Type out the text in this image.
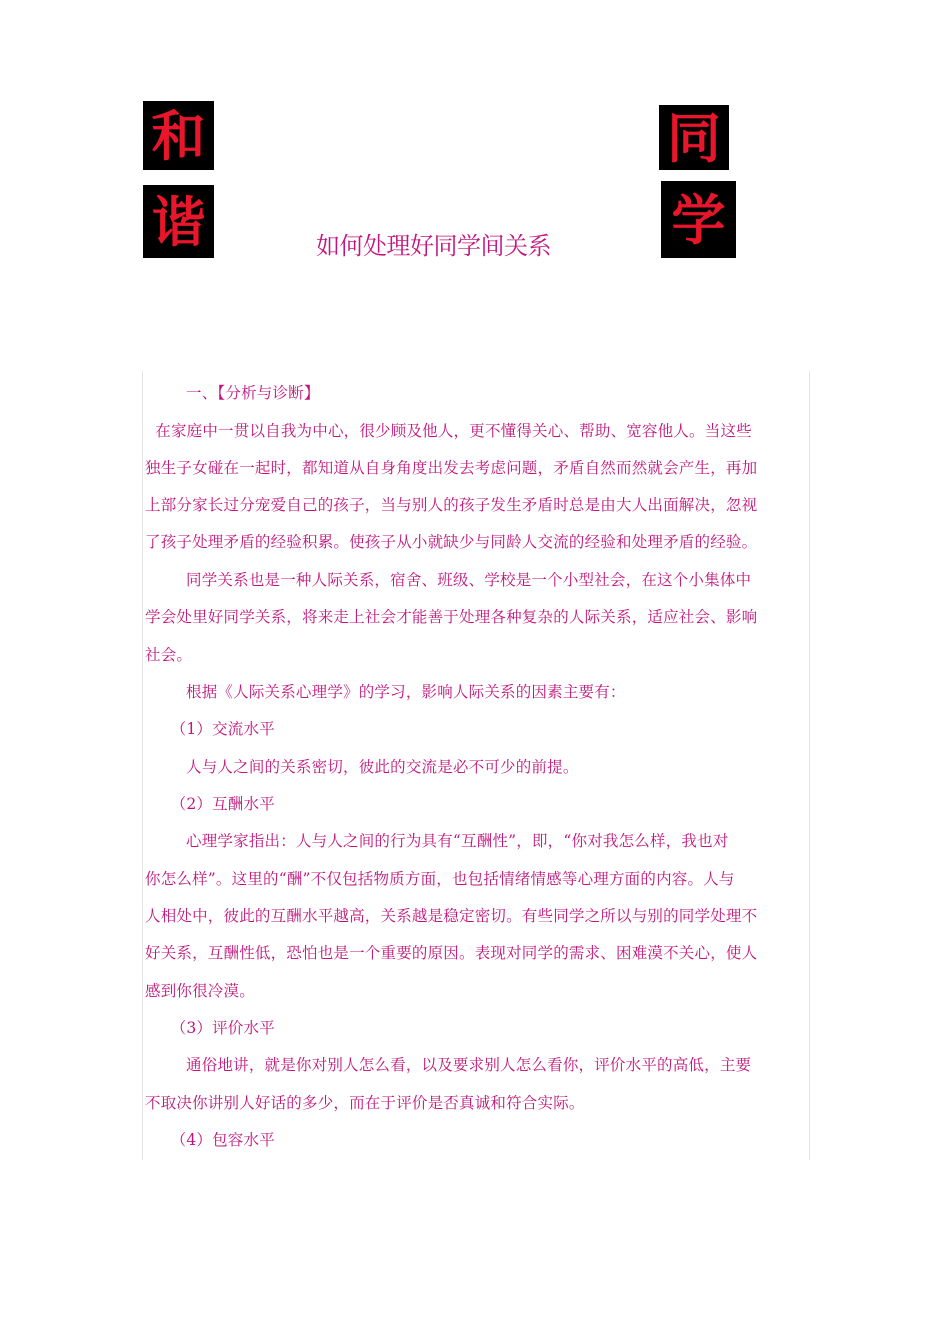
和
谐
同
学
如何处理好同学间关系
一、【分析与诊断】
在家庭中一贯以自我为中心，很少顾及他人，更不懂得关心、帮助、宽容他人。当这些
独生子女碰在一起时，都知道从自身角度出发去考虑问题，矛盾自然而然就会产生，再加
上部分家长过分宠爱自己的孩子，当与别人的孩子发生矛盾时总是由大人出面解决，忽视
了孩子处理矛盾的经验积累。使孩子从小就缺少与同龄人交流的经验和处理矛盾的经验。
同学关系也是一种人际关系，宿舍、班级、学校是一个小型社会，在这个小集体中
学会处里好同学关系，将来走上社会才能善于处理各种复杂的人际关系，适应社会、影响
社会。
根据《人际关系心理学》的学习，影响人际关系的因素主要有：
（1）交流水平
人与人之间的关系密切，彼此的交流是必不可少的前提。
（2）互酬水平
心理学家指出：人与人之间的行为具有“互酬性”，即，“你对我怎么样，我也对
你怎么样”。这里的“酬”不仅包括物质方面，也包括情绪情感等心理方面的内容。人与
人相处中，彼此的互酬水平越高，关系越是稳定密切。有些同学之所以与别的同学处理不
好关系，互酬性低，恐怕也是一个重要的原因。表现对同学的需求、困难漠不关心，使人
感到你很冷漠。
（3）评价水平
通俗地讲，就是你对别人怎么看，以及要求别人怎么看你，评价水平的高低，主要
不取决你讲别人好话的多少，而在于评价是否真诚和符合实际。
（4）包容水平
